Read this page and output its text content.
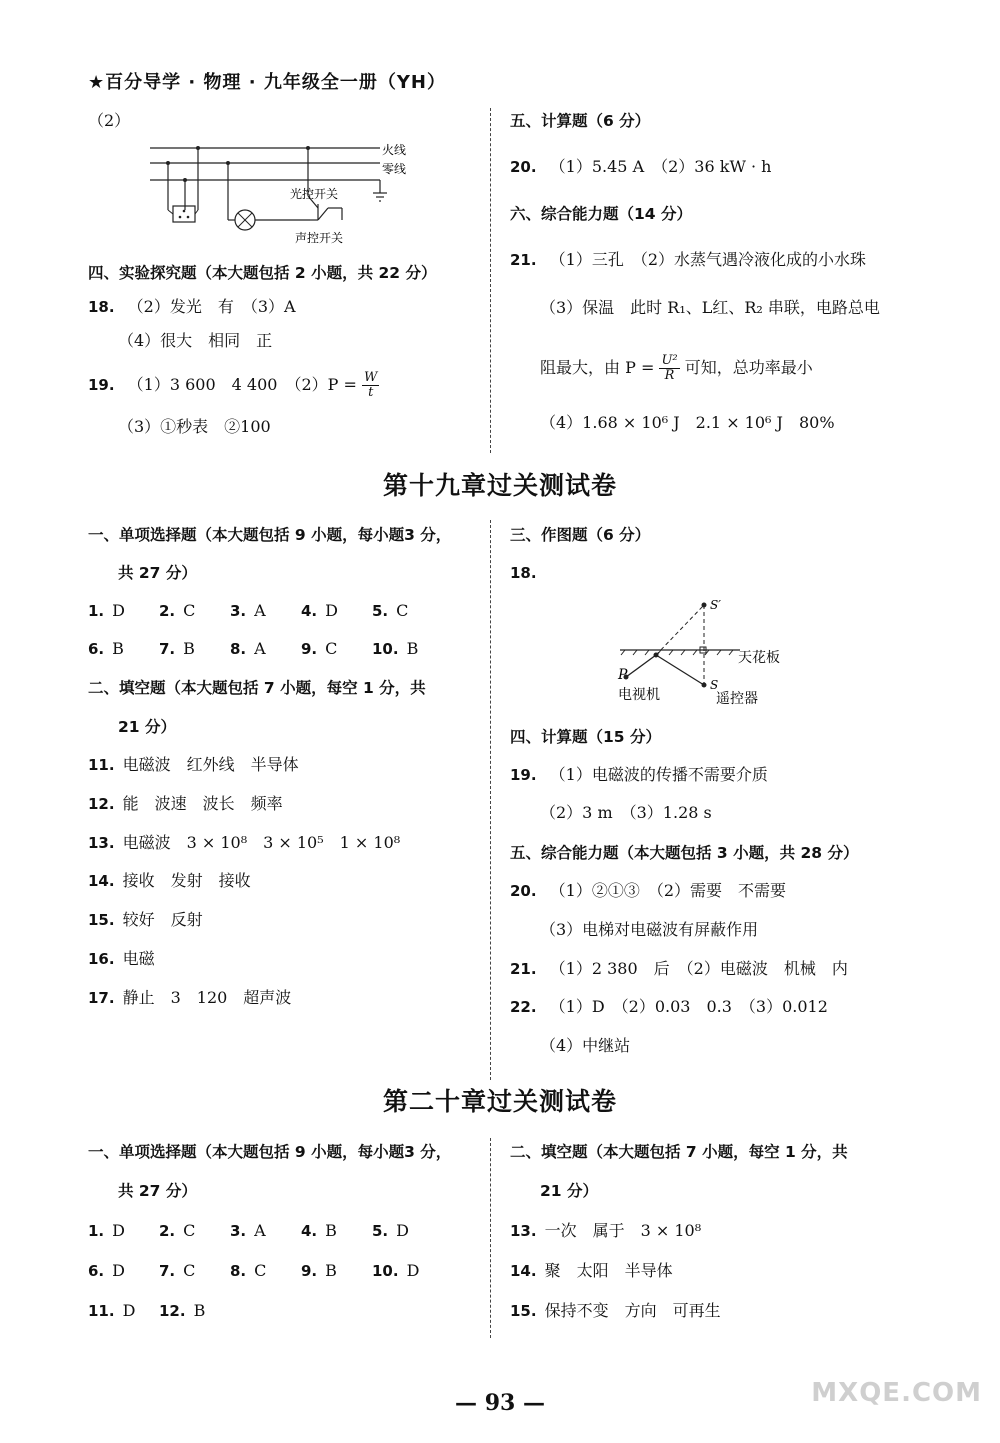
★百分导学 · 物理 · 九年级全一册（YH）
（2）
火线
零线
光控开关
声控开关
四、实验探究题（本大题包括 2 小题，共 22 分）
18. （2）发光　有　（3）A
（4）很大　相同　正
19. （1）3 600　4 400　$(2)P = \frac{W}{t}$
（3）①秒表　②100
五、计算题（6 分）
20. （1）5.45 A　（2）36 kW · h
六、综合能力题（14 分）
21. （1）三孔　（2）水蒸气遇冷液化成的小水珠
（3）保温　此时 R₁、L红、R₂ 串联，电路总电
阻最大，由 $P = \frac{\text{U²}}{R}$ 可知，总功率最小
（4）1.68 × 10⁶ J　2.1 × 10⁶ J　80%
第十九章过关测试卷
一、单项选择题（本大题包括 9 小题，每小题3 分，
共 27 分）
1. D 2. C 3. A 4. D 5. C
6. B 7. B 8. A 9. C 10. B
二、填空题（本大题包括 7 小题，每空 1 分，共
21 分）
11. 电磁波　红外线　半导体
12. 能　波速　波长　频率
13. 电磁波　3 × 10⁸　3 × 10⁵　1 × 10⁸
14. 接收　发射　接收
15. 较好　反射
16. 电磁
17. 静止　3　120　超声波
三、作图题（6 分）
18.
S′
天花板
P
S
电视机	遥控器
四、计算题（15 分）
19. （1）电磁波的传播不需要介质
（2）3 m　（3）1.28 s
五、综合能力题（本大题包括 3 小题，共 28 分）
20. （1）②①③　（2）需要　不需要
（3）电梯对电磁波有屏蔽作用
21. （1）2 380　后　（2）电磁波　机械　内
22. （1）D　（2）0.03　0.3　（3）0.012
（4）中继站
第二十章过关测试卷
一、单项选择题（本大题包括 9 小题，每小题3 分，
共 27 分）
1. D 2. C 3. A 4. B 5. D
6. D 7. C 8. C 9. B 10. D
11. D 12. B
二、填空题（本大题包括 7 小题，每空 1 分，共
21 分）
13. 一次　属于　3 × 10⁸
14. 聚　太阳　半导体
15. 保持不变　方向　可再生
— 93 —	MXQE.COM
